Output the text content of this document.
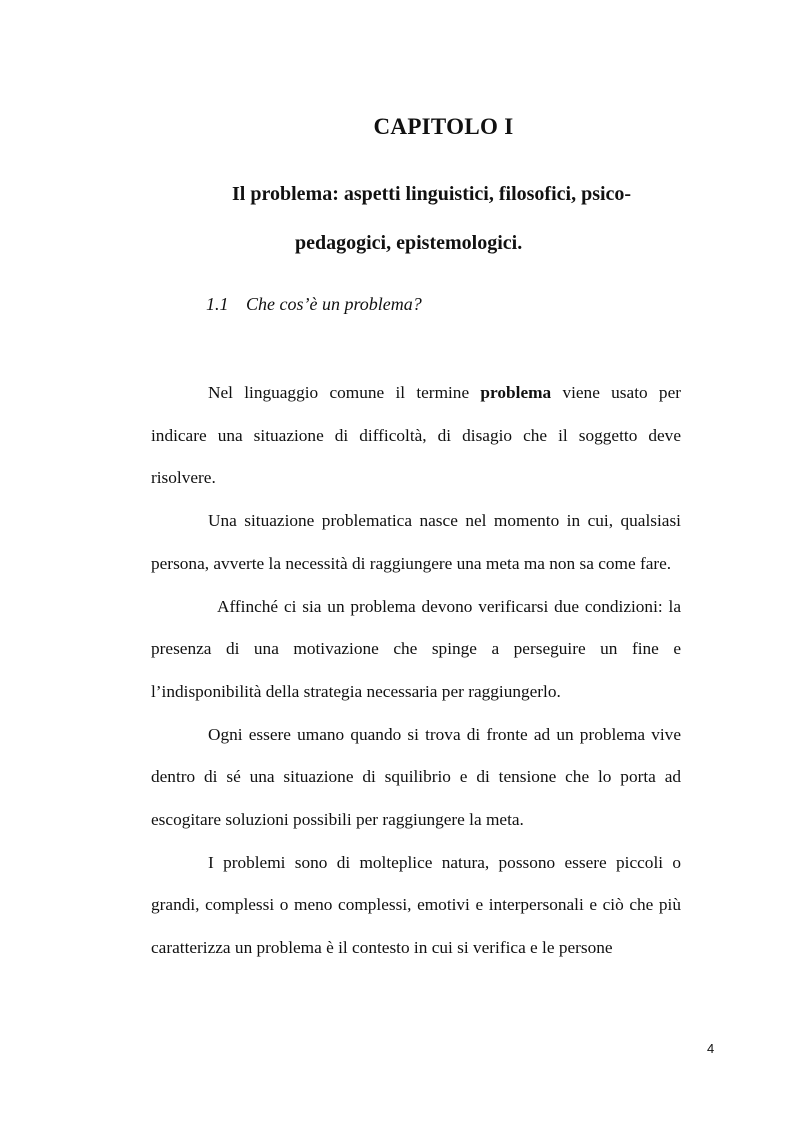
CAPITOLO I
Il problema: aspetti linguistici, filosofici, psico-
pedagogici, epistemologici.
1.1 Che cos’è un problema?

Nel linguaggio comune il termine problema viene usato per indicare una situazione di difficoltà, di disagio che il soggetto deve risolvere.

Una situazione problematica nasce nel momento in cui, qualsiasi persona, avverte la necessità di raggiungere una meta ma non sa come fare.

Affinché ci sia un problema devono verificarsi due condizioni: la presenza di una motivazione che spinge a perseguire un fine e l’indisponibilità della strategia necessaria per raggiungerlo.

Ogni essere umano quando si trova di fronte ad un problema vive dentro di sé una situazione di squilibrio e di tensione che lo porta ad escogitare soluzioni possibili per raggiungere la meta.

I problemi sono di molteplice natura, possono essere piccoli o grandi, complessi o meno complessi, emotivi e interpersonali e ciò che più caratterizza un problema è il contesto in cui si verifica e le persone

4
